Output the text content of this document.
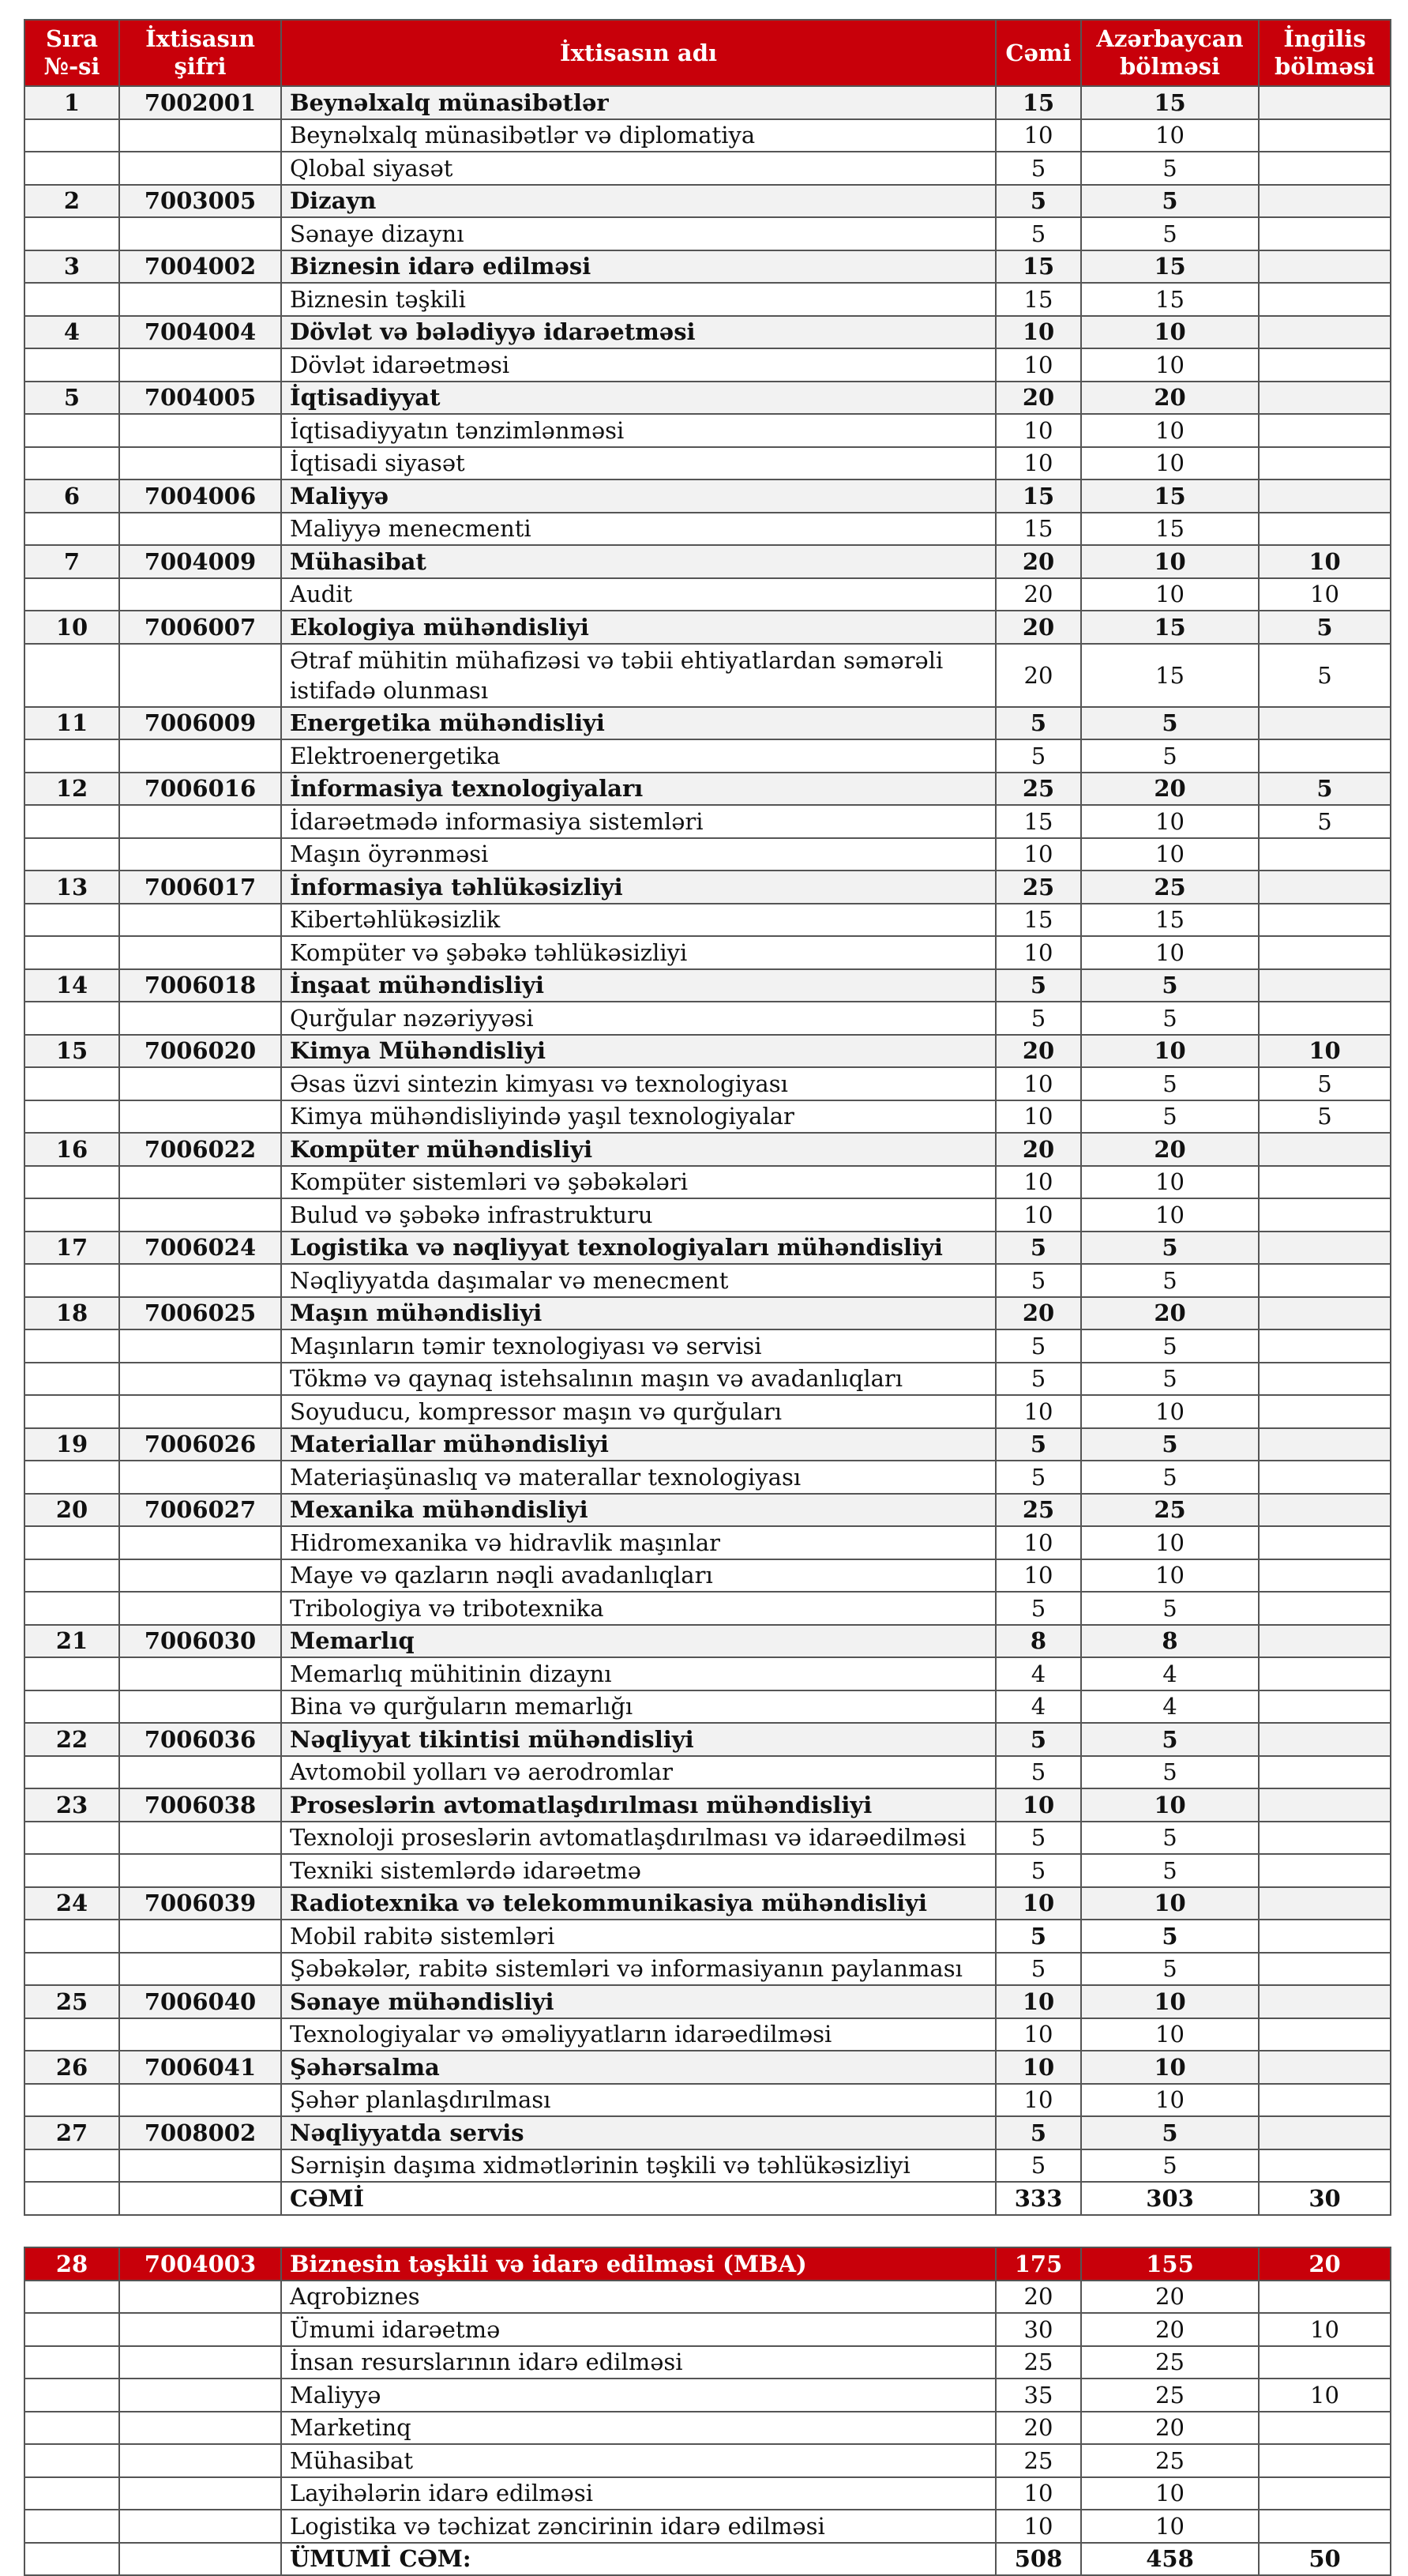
Sıra №-si	İxtisasın şifri	İxtisasın adı	Cəmi	Azərbaycan bölməsi	İngilis bölməsi
1	7002001	Beynəlxalq münasibətlər	15	15	
		Beynəlxalq münasibətlər və diplomatiya	10	10	
		Qlobal siyasət	5	5	
2	7003005	Dizayn	5	5	
		Sənaye dizaynı	5	5	
3	7004002	Biznesin idarə edilməsi	15	15	
		Biznesin təşkili	15	15	
4	7004004	Dövlət və bələdiyyə idarəetməsi	10	10	
		Dövlət idarəetməsi	10	10	
5	7004005	İqtisadiyyat	20	20	
		İqtisadiyyatın tənzimlənməsi	10	10	
		İqtisadi siyasət	10	10	
6	7004006	Maliyyə	15	15	
		Maliyyə menecmenti	15	15	
7	7004009	Mühasibat	20	10	10
		Audit	20	10	10
10	7006007	Ekologiya mühəndisliyi	20	15	5
		Ətraf mühitin mühafizəsi və təbii ehtiyatlardan səmərəli istifadə olunması	20	15	5
11	7006009	Energetika mühəndisliyi	5	5	
		Elektroenergetika	5	5	
12	7006016	İnformasiya texnologiyaları	25	20	5
		İdarəetmədə informasiya sistemləri	15	10	5
		Maşın öyrənməsi	10	10	
13	7006017	İnformasiya təhlükəsizliyi	25	25	
		Kibertəhlükəsizlik	15	15	
		Kompüter və şəbəkə təhlükəsizliyi	10	10	
14	7006018	İnşaat mühəndisliyi	5	5	
		Qurğular nəzəriyyəsi	5	5	
15	7006020	Kimya Mühəndisliyi	20	10	10
		Əsas üzvi sintezin kimyası və texnologiyası	10	5	5
		Kimya mühəndisliyində yaşıl texnologiyalar	10	5	5
16	7006022	Kompüter mühəndisliyi	20	20	
		Kompüter sistemləri və şəbəkələri	10	10	
		Bulud və şəbəkə infrastrukturu	10	10	
17	7006024	Logistika və nəqliyyat texnologiyaları mühəndisliyi	5	5	
		Nəqliyyatda daşımalar və menecment	5	5	
18	7006025	Maşın mühəndisliyi	20	20	
		Maşınların təmir texnologiyası və servisi	5	5	
		Tökmə və qaynaq istehsalının maşın və avadanlıqları	5	5	
		Soyuducu, kompressor maşın və qurğuları	10	10	
19	7006026	Materiallar mühəndisliyi	5	5	
		Materiaşünaslıq və materallar texnologiyası	5	5	
20	7006027	Mexanika mühəndisliyi	25	25	
		Hidromexanika və hidravlik maşınlar	10	10	
		Maye və qazların nəqli avadanlıqları	10	10	
		Tribologiya və tribotexnika	5	5	
21	7006030	Memarlıq	8	8	
		Memarlıq mühitinin dizaynı	4	4	
		Bina və qurğuların memarlığı	4	4	
22	7006036	Nəqliyyat tikintisi mühəndisliyi	5	5	
		Avtomobil yolları və aerodromlar	5	5	
23	7006038	Proseslərin avtomatlaşdırılması mühəndisliyi	10	10	
		Texnoloji proseslərin avtomatlaşdırılması və idarəedilməsi	5	5	
		Texniki sistemlərdə idarəetmə	5	5	
24	7006039	Radiotexnika və telekommunikasiya mühəndisliyi	10	10	
		Mobil rabitə sistemləri	5	5	
		Şəbəkələr, rabitə sistemləri və informasiyanın paylanması	5	5	
25	7006040	Sənaye mühəndisliyi	10	10	
		Texnologiyalar və əməliyyatların idarəedilməsi	10	10	
26	7006041	Şəhərsalma	10	10	
		Şəhər planlaşdırılması	10	10	
27	7008002	Nəqliyyatda servis	5	5	
		Sərnişin daşıma xidmətlərinin təşkili və təhlükəsizliyi	5	5	
		CƏMİ	333	303	30

28	7004003	Biznesin təşkili və idarə edilməsi (MBA)	175	155	20
		Aqrobiznes	20	20	
		Ümumi idarəetmə	30	20	10
		İnsan resurslarının idarə edilməsi	25	25	
		Maliyyə	35	25	10
		Marketinq	20	20	
		Mühasibat	25	25	
		Layihələrin idarə edilməsi	10	10	
		Logistika və təchizat zəncirinin idarə edilməsi	10	10	
		ÜMUMİ CƏM:	508	458	50
